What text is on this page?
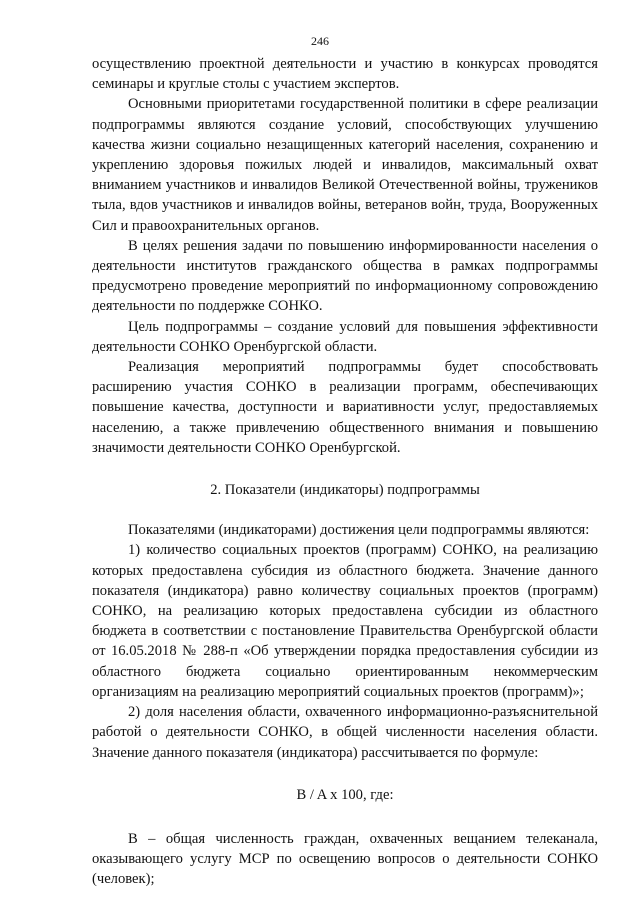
246

осуществлению проектной деятельности и участию в конкурсах проводятся семинары и круглые столы с участием экспертов.

Основными приоритетами государственной политики в сфере реализации подпрограммы являются создание условий, способствующих улучшению качества жизни социально незащищенных категорий населения, сохранению и укреплению здоровья пожилых людей и инвалидов, максимальный охват вниманием участников и инвалидов Великой Отечественной войны, тружеников тыла, вдов участников и инвалидов войны, ветеранов войн, труда, Вооруженных Сил и правоохранительных органов.

В целях решения задачи по повышению информированности населения о деятельности институтов гражданского общества в рамках подпрограммы предусмотрено проведение мероприятий по информационному сопровождению деятельности по поддержке СОНКО.

Цель подпрограммы – создание условий для повышения эффективности деятельности СОНКО Оренбургской области.

Реализация мероприятий подпрограммы будет способствовать расширению участия СОНКО в реализации программ, обеспечивающих повышение качества, доступности и вариативности услуг, предоставляемых населению, а также привлечению общественного внимания и повышению значимости деятельности СОНКО Оренбургской.

2. Показатели (индикаторы) подпрограммы

Показателями (индикаторами) достижения цели подпрограммы являются:

1) количество социальных проектов (программ) СОНКО, на реализацию которых предоставлена субсидия из областного бюджета. Значение данного показателя (индикатора) равно количеству социальных проектов (программ) СОНКО, на реализацию которых предоставлена субсидии из областного бюджета в соответствии с постановление Правительства Оренбургской области от 16.05.2018 № 288-п «Об утверждении порядка предоставления субсидии из областного бюджета социально ориентированным некоммерческим организациям на реализацию мероприятий социальных проектов (программ)»;

2) доля населения области, охваченного информационно-разъяснительной работой о деятельности СОНКО, в общей численности населения области. Значение данного показателя (индикатора) рассчитывается по формуле:

B / A x 100, где:

B – общая численность граждан, охваченных вещанием телеканала, оказывающего услугу МСР по освещению вопросов о деятельности СОНКО (человек);
